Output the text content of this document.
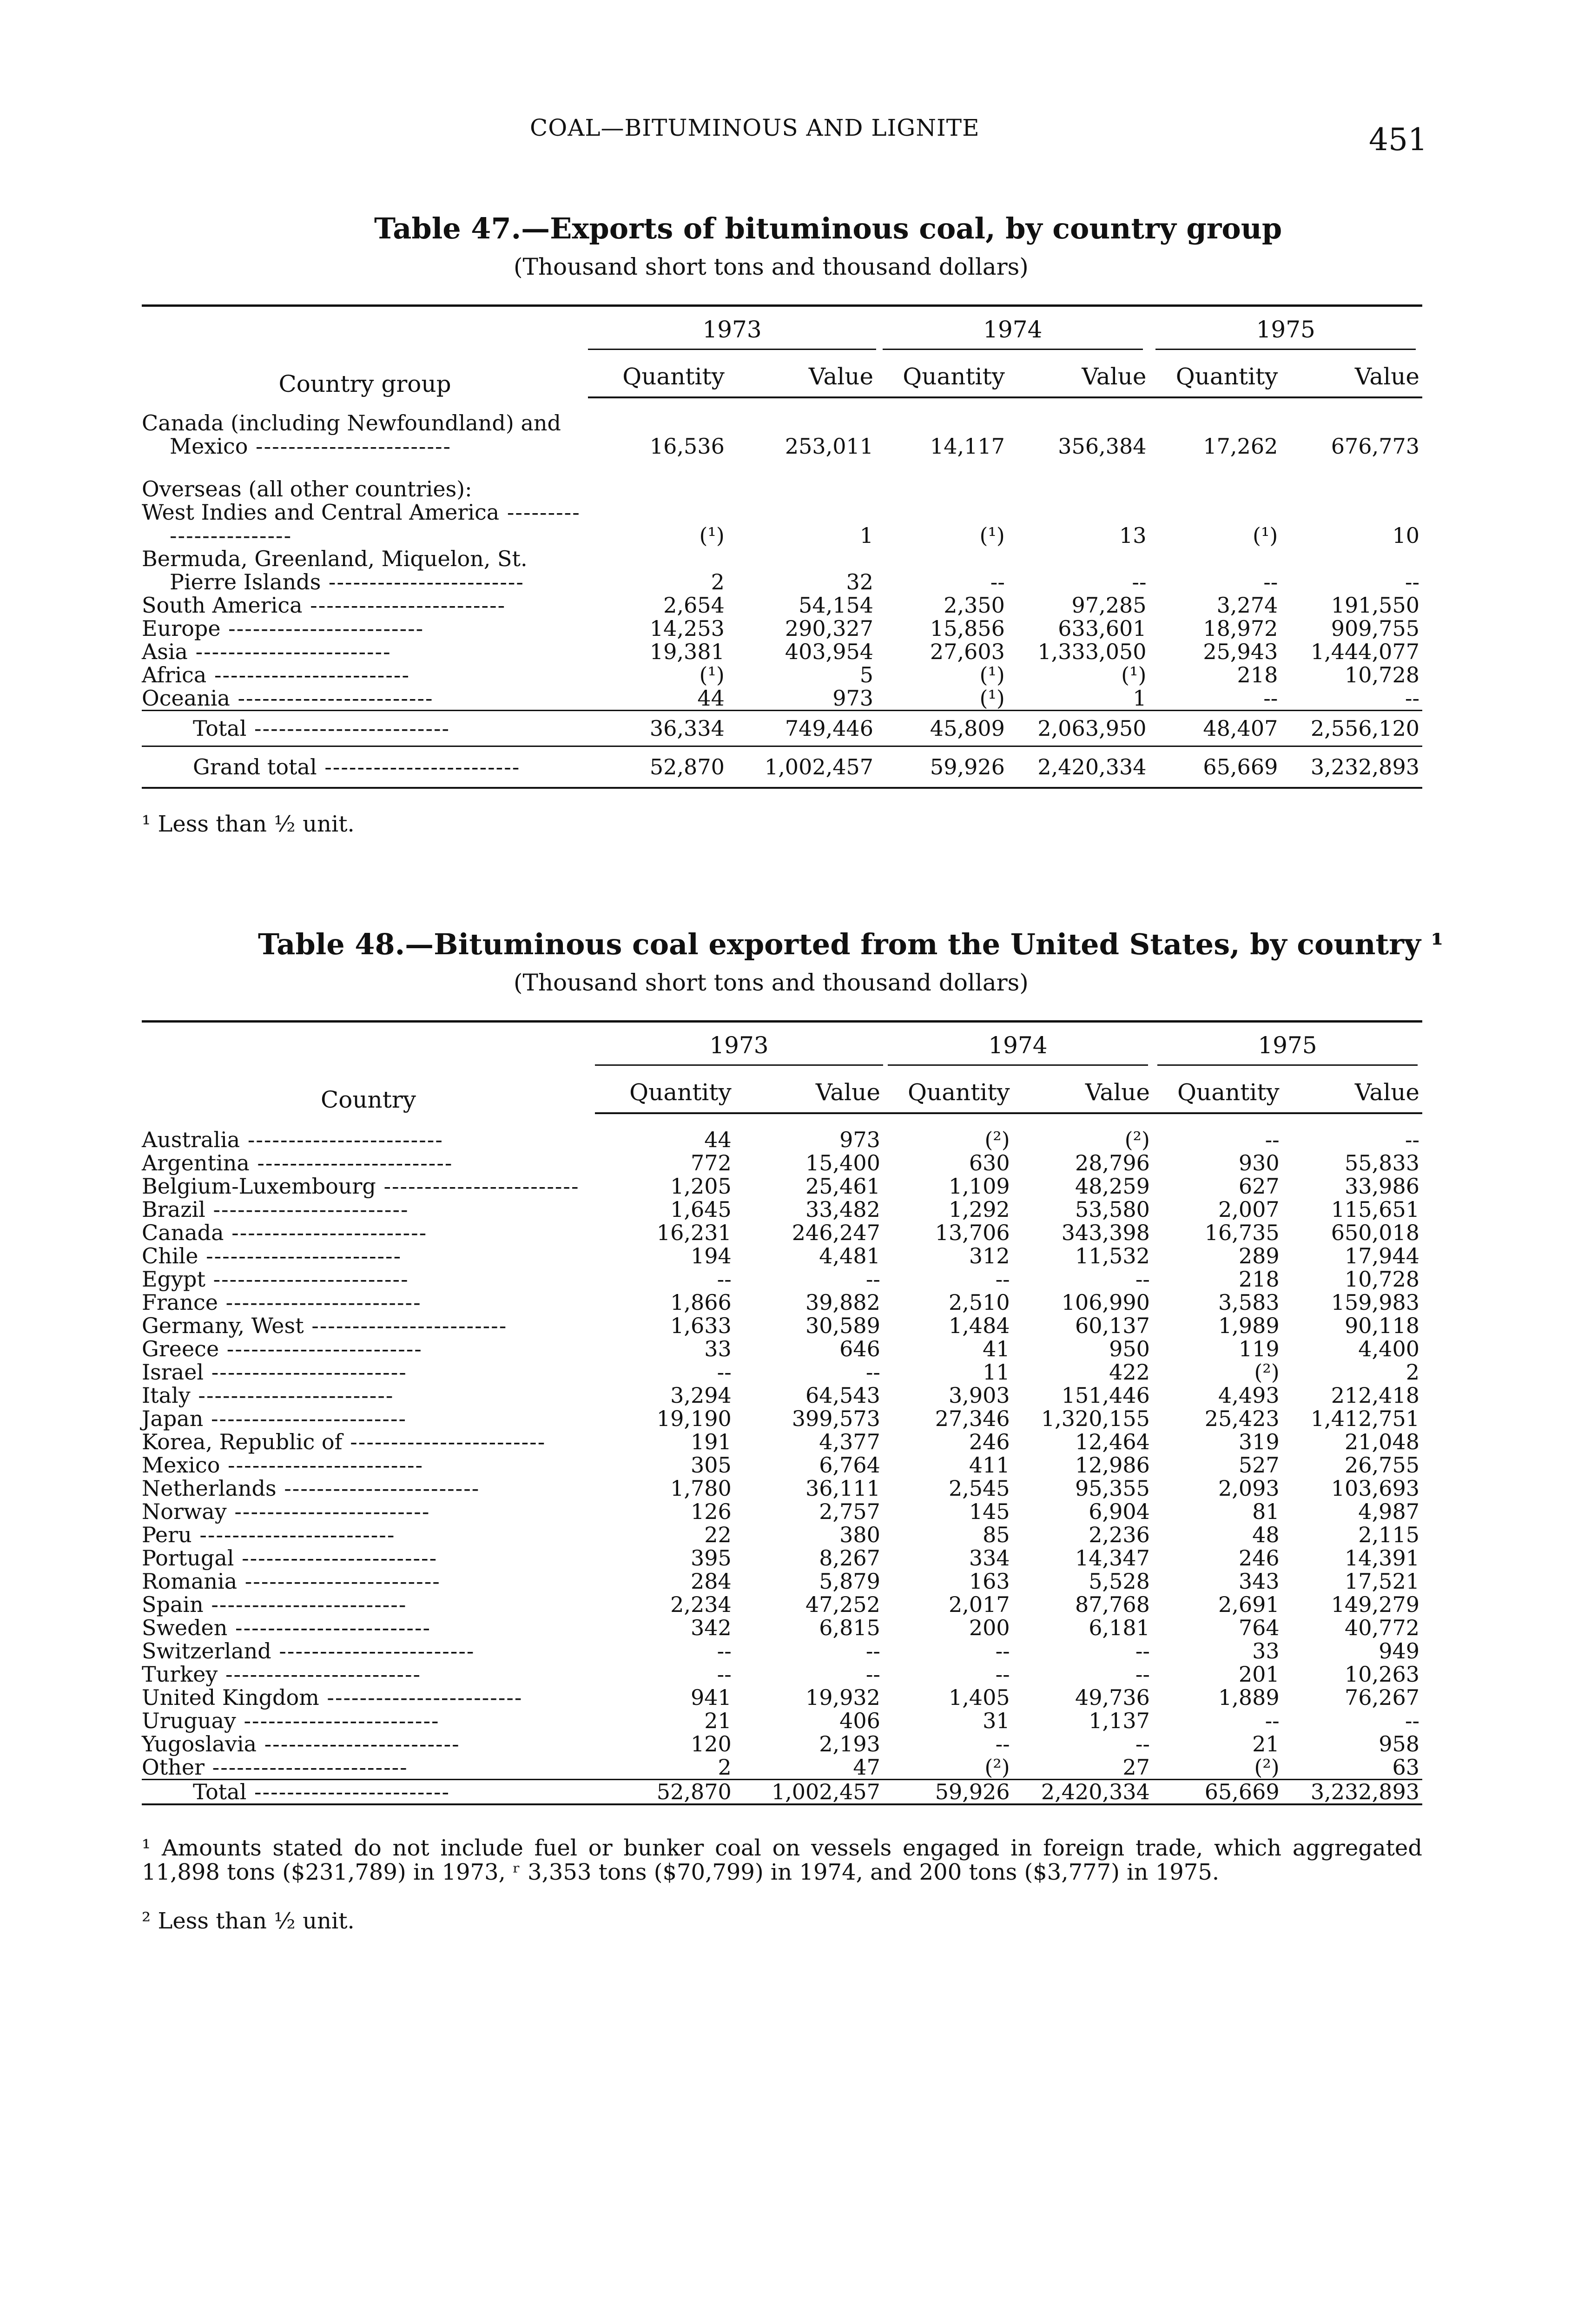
COAL—BITUMINOUS AND LIGNITE	451
Table 47.—Exports of bituminous coal, by country group
(Thousand short tons and thousand dollars)
Country group	1973		1974		1975	
	Quantity	Value	Quantity	Value	Quantity	Value
Canada (including Newfoundland) and Mexico -----	16,536	253,011	14,117	356,384	17,262	676,773
Overseas (all other countries):						
West Indies and Central America -----	(¹)	1	(¹)	13	(¹)	10
Bermuda, Greenland, Miquelon, St. Pierre Islands -----	2	32	--	--	--	--
South America -----	2,654	54,154	2,350	97,285	3,274	191,550
Europe -----	14,253	290,327	15,856	633,601	18,972	909,755
Asia -----	19,381	403,954	27,603	1,333,050	25,943	1,444,077
Africa -----	(¹)	5	(¹)	(¹)	218	10,728
Oceania -----	44	973	(¹)	1	--	--
Total -----	36,334	749,446	45,809	2,063,950	48,407	2,556,120
Grand total -----	52,870	1,002,457	59,926	2,420,334	65,669	3,232,893
¹ Less than ½ unit.
Table 48.—Bituminous coal exported from the United States, by country ¹
(Thousand short tons and thousand dollars)
Country	1973		1974		1975	
	Quantity	Value	Quantity	Value	Quantity	Value
Australia -----	44	973	(²)	(²)	--	--
Argentina -----	772	15,400	630	28,796	930	55,833
Belgium-Luxembourg -----	1,205	25,461	1,109	48,259	627	33,986
Brazil -----	1,645	33,482	1,292	53,580	2,007	115,651
Canada -----	16,231	246,247	13,706	343,398	16,735	650,018
Chile -----	194	4,481	312	11,532	289	17,944
Egypt -----	--	--	--	--	218	10,728
France -----	1,866	39,882	2,510	106,990	3,583	159,983
Germany, West -----	1,633	30,589	1,484	60,137	1,989	90,118
Greece -----	33	646	41	950	119	4,400
Israel -----	--	--	11	422	(²)	2
Italy -----	3,294	64,543	3,903	151,446	4,493	212,418
Japan -----	19,190	399,573	27,346	1,320,155	25,423	1,412,751
Korea, Republic of -----	191	4,377	246	12,464	319	21,048
Mexico -----	305	6,764	411	12,986	527	26,755
Netherlands -----	1,780	36,111	2,545	95,355	2,093	103,693
Norway -----	126	2,757	145	6,904	81	4,987
Peru -----	22	380	85	2,236	48	2,115
Portugal -----	395	8,267	334	14,347	246	14,391
Romania -----	284	5,879	163	5,528	343	17,521
Spain -----	2,234	47,252	2,017	87,768	2,691	149,279
Sweden -----	342	6,815	200	6,181	764	40,772
Switzerland -----	--	--	--	--	33	949
Turkey -----	--	--	--	--	201	10,263
United Kingdom -----	941	19,932	1,405	49,736	1,889	76,267
Uruguay -----	21	406	31	1,137	--	--
Yugoslavia -----	120	2,193	--	--	21	958
Other -----	2	47	(²)	27	(²)	63
Total -----	52,870	1,002,457	59,926	2,420,334	65,669	3,232,893
¹ Amounts stated do not include fuel or bunker coal on vessels engaged in foreign trade, which aggregated 11,898 tons ($231,789) in 1973, ʳ 3,353 tons ($70,799) in 1974, and 200 tons ($3,777) in 1975.
² Less than ½ unit.
